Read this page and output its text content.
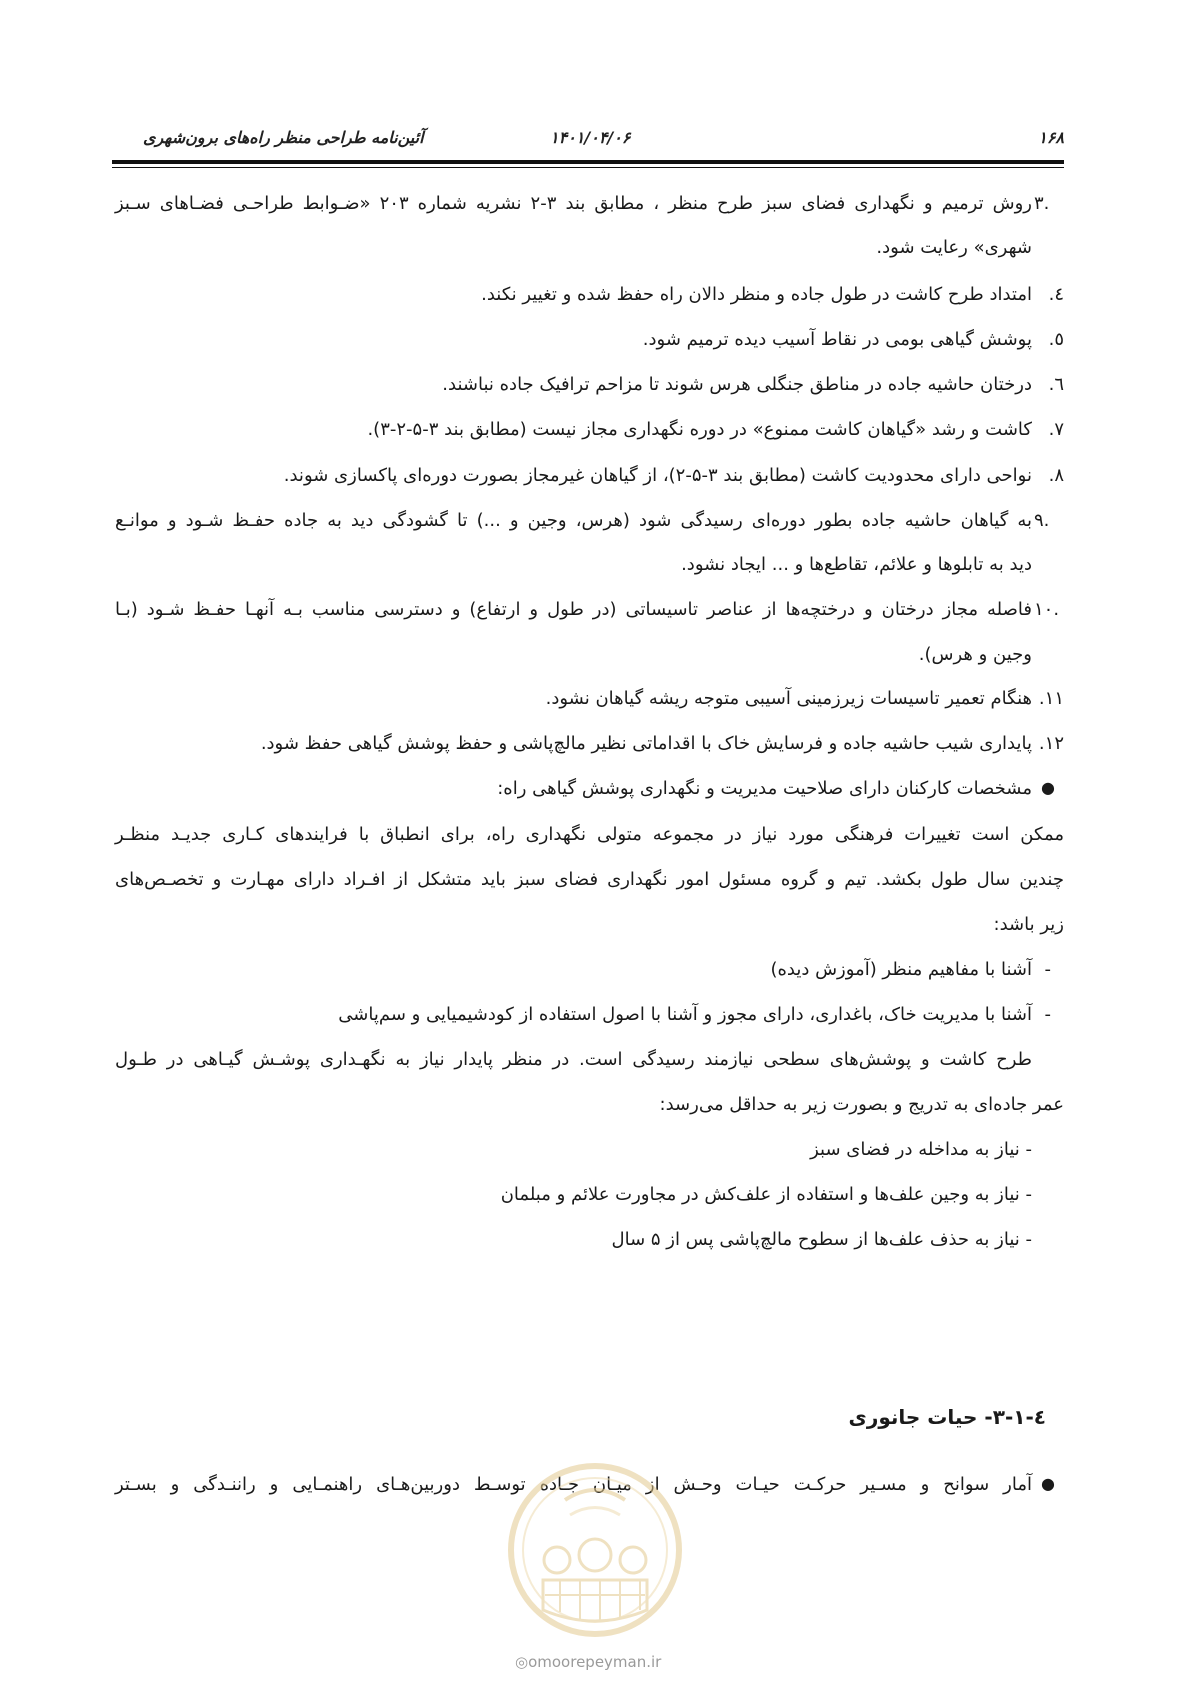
۱۶۸
۱۴۰۱/۰۴/۰۶
آئین‌نامه طراحی منظر راه‌های برون‌شهری
۳.
روش ترمیم و نگهداری فضای سبز طرح منظر ، مطابق بند ۳-۲ نشریه شماره ۲۰۳ «ضـوابط طراحـی فضـاهای سـبز
شهری» رعایت شود.
٤.امتداد طرح کاشت در طول جاده و منظر دالان راه حفظ شده و تغییر نکند.
٥.پوشش گیاهی بومی در نقاط آسیب دیده ترمیم شود.
٦.درختان حاشیه جاده در مناطق جنگلی هرس شوند تا مزاحم ترافیک جاده نباشند.
٧.کاشت و رشد «گیاهان کاشت ممنوع» در دوره نگهداری مجاز نیست (مطابق بند ۳-۵-۲-۳).
٨.نواحی دارای محدودیت کاشت (مطابق بند ۳-۵-۲)، از گیاهان غیرمجاز بصورت دوره‌ای پاکسازی شوند.
٩.
به گیاهان حاشیه جاده بطور دوره‌ای رسیدگی شود (هرس، وجین و ...) تا گشودگی دید به جاده حفـظ شـود و موانـع
دید به تابلوها و علائم، تقاطع‌ها و ... ایجاد نشود.
١٠.
فاصله مجاز درختان و درختچه‌ها از عناصر تاسیساتی (در طول و ارتفاع) و دسترسی مناسب بـه آنهـا حفـظ شـود (بـا
وجین و هرس).
١١.هنگام تعمیر تاسیسات زیرزمینی آسیبی متوجه ریشه گیاهان نشود.
١٢.پایداری شیب حاشیه جاده و فرسایش خاک با اقداماتی نظیر مالچ‌پاشی و حفظ پوشش گیاهی حفظ شود.
●
مشخصات کارکنان دارای صلاحیت مدیریت و نگهداری پوشش گیاهی راه:
ممکن است تغییرات فرهنگی مورد نیاز در مجموعه متولی نگهداری راه، برای انطباق با فرایندهای کـاری جدیـد منظـر
چندین سال طول بکشد. تیم و گروه مسئول امور نگهداری فضای سبز باید متشکل از افـراد دارای مهـارت و تخصـص‌های
زیر باشد:
-
آشنا با مفاهیم منظر (آموزش دیده)
-
آشنا با مدیریت خاک، باغداری، دارای مجوز و آشنا با اصول استفاده از کودشیمیایی و سم‌پاشی
طرح کاشت و پوشش‌های سطحی نیازمند رسیدگی است. در منظر پایدار نیاز به نگهـداری پوشـش گیـاهی در طـول
عمر جاده‌ای به تدریج و بصورت زیر به حداقل می‌رسد:
- نیاز به مداخله در فضای سبز
- نیاز به وجین علف‌ها و استفاده از علف‌کش در مجاورت علائم و مبلمان
- نیاز به حذف علف‌ها از سطوح مالچ‌پاشی پس از ۵ سال
٤-١-٣- حیات جانوری
●
آمار سوانح و مسـیر حرکـت حیـات وحـش از میـان جـاده توسـط دوربین‌هـای راهنمـایی و راننـدگی و بسـتر
◎omoorepeyman.ir
